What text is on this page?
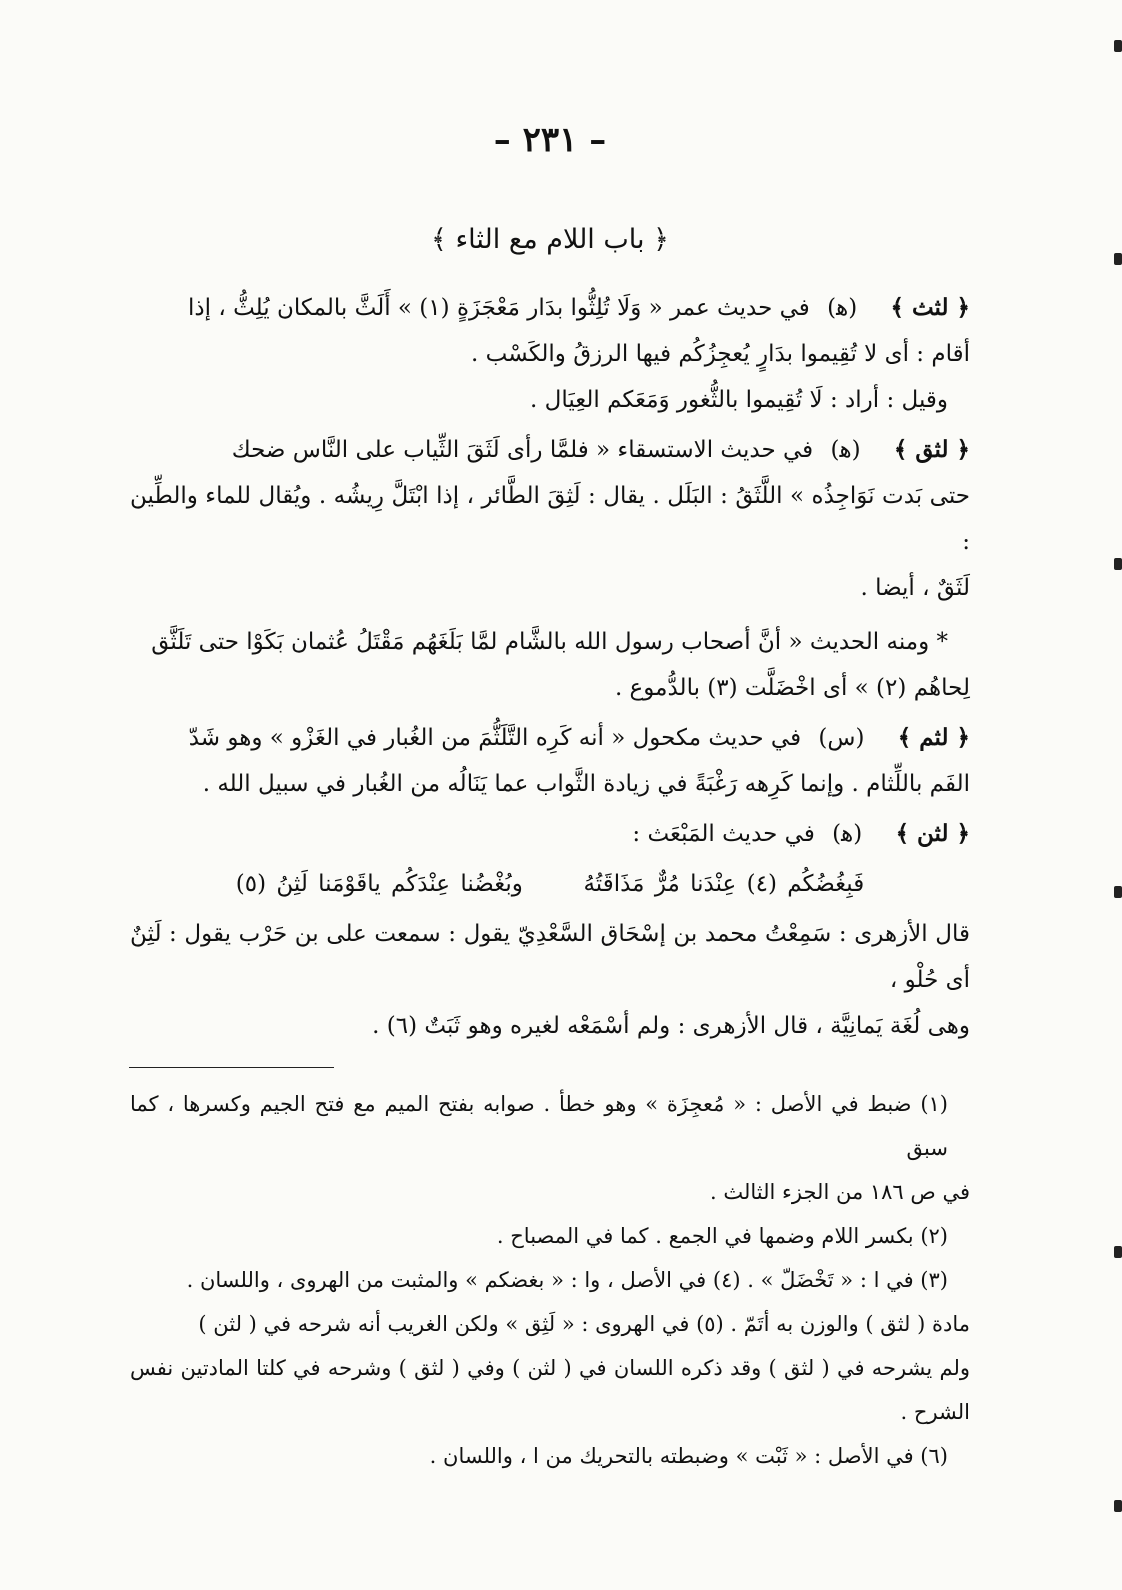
– ٢٣١ –
﴿ باب اللام مع الثاء ﴾
﴿ لثث ﴾ (ﻫ) في حديث عمر « وَلَا تُلِثُّوا بدَار مَعْجَزَةٍ (١) » أَلَثَّ بالمكان يُلِثُّ ، إذا
أقام : أى لا تُقِيموا بدَارٍ يُعجِزُكُم فيها الرزقُ والكَسْب .
وقيل : أراد : لَا تُقِيموا بالثُّغور وَمَعَكم العِيَال .
﴿ لثق ﴾ (ﻫ) في حديث الاستسقاء « فلمَّا رأى لَثَقَ الثِّياب على النَّاس ضحك
حتى بَدت نَوَاجِذُه » اللَّثَقُ : البَلَل . يقال : لَثِقَ الطَّائر ، إذا ابْتَلَّ رِيشُه . ويُقال للماء والطِّين :
لَثَقٌ ، أيضا .
* ومنه الحديث « أنَّ أصحاب رسول الله بالشَّام لمَّا بَلَغَهُم مَقْتَلُ عُثمان بَكَوْا حتى تَلَثَّق
لِحاهُم (٢) » أى اخْضَلَّت (٣) بالدُّموع .
﴿ لثم ﴾ (س) في حديث مكحول « أنه كَرِه التَّلَثُّمَ من الغُبار في الغَزْو » وهو شَدّ
الفَم باللِّثام . وإنما كَرِهه رَغْبَةً في زيادة الثَّواب عما يَنَالُه من الغُبار في سبيل الله .
﴿ لثن ﴾ (ﻫ) في حديث المَبْعَث :
فَبِغُضُكُم (٤) عِنْدَنا مُرٌّ مَذَاقَتُهُ  وبُغْضُنا عِنْدَكُم ياقَوْمَنا لَثِنُ (٥)
قال الأزهرى : سَمِعْتُ محمد بن إسْحَاق السَّعْدِيّ يقول : سمعت على بن حَرْب يقول : لَثِنٌ أى حُلْو ،
وهى لُغَة يَمانِيَّة ، قال الأزهرى : ولم أسْمَعْه لغيره وهو ثَبَتٌ (٦) .
(١) ضبط في الأصل : « مُعجِزَة » وهو خطأ . صوابه بفتح الميم مع فتح الجيم وكسرها ، كما سبق
في ص ١٨٦ من الجزء الثالث .
(٢) بكسر اللام وضمها في الجمع . كما في المصباح .
(٣) في ا : « تَخْضَلّ » . (٤) في الأصل ، وا : « بغضكم » والمثبت من الهروى ، واللسان .
مادة ( لثق ) والوزن به أتَمّ . (٥) في الهروى : « لَثِق » ولكن الغريب أنه شرحه في ( لثن )
ولم يشرحه في ( لثق ) وقد ذكره اللسان في ( لثن ) وفي ( لثق ) وشرحه في كلتا المادتين نفس الشرح .
(٦) في الأصل : « ثَبْت » وضبطته بالتحريك من ا ، واللسان .
